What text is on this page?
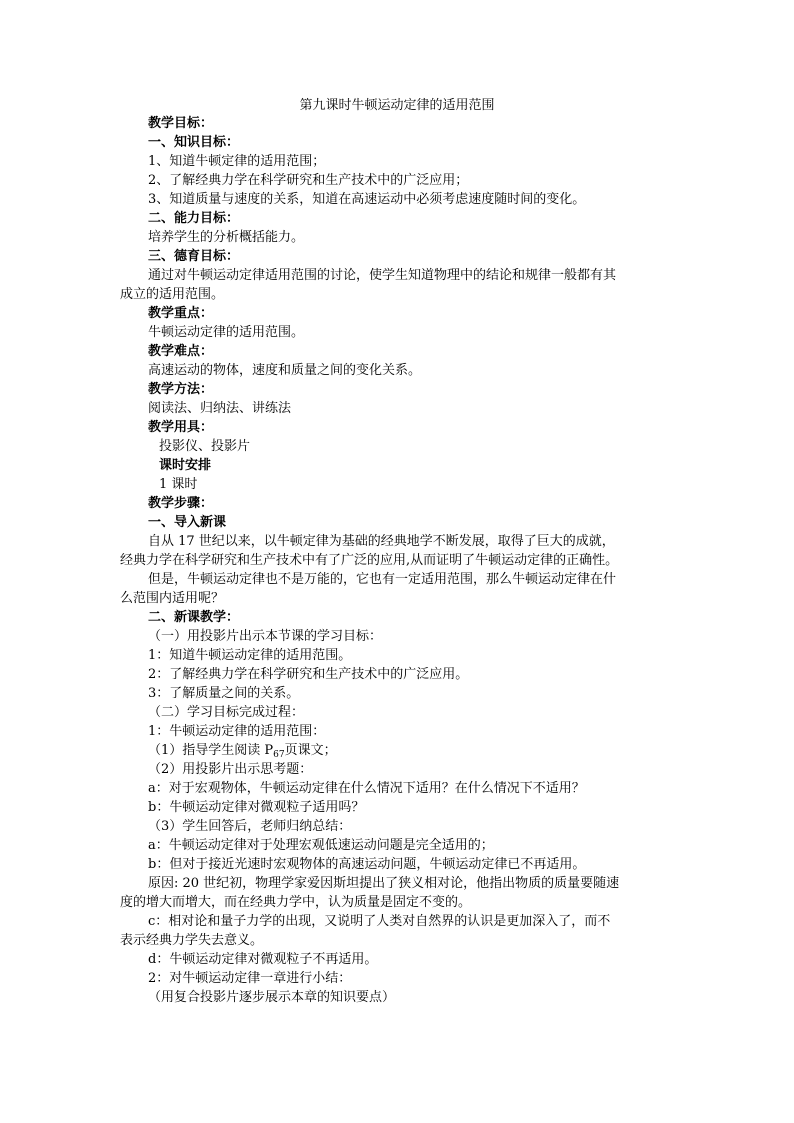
第九课时牛顿运动定律的适用范围
教学目标：
一、知识目标：
1、知道牛顿定律的适用范围；
2、了解经典力学在科学研究和生产技术中的广泛应用；
3、知道质量与速度的关系，知道在高速运动中必须考虑速度随时间的变化。
二、能力目标：
培养学生的分析概括能力。
三、德育目标：
通过对牛顿运动定律适用范围的讨论，使学生知道物理中的结论和规律一般都有其
成立的适用范围。
教学重点：
牛顿运动定律的适用范围。
教学难点：
高速运动的物体，速度和质量之间的变化关系。
教学方法：
阅读法、归纳法、讲练法
教学用具：
投影仪、投影片
课时安排
1 课时
教学步骤：
一、导入新课
自从 17 世纪以来，以牛顿定律为基础的经典地学不断发展，取得了巨大的成就，
经典力学在科学研究和生产技术中有了广泛的应用,从而证明了牛顿运动定律的正确性。
但是，牛顿运动定律也不是万能的，它也有一定适用范围，那么牛顿运动定律在什
么范围内适用呢？
二、新课教学：
（一）用投影片出示本节课的学习目标：
1：知道牛顿运动定律的适用范围。
2：了解经典力学在科学研究和生产技术中的广泛应用。
3：了解质量之间的关系。
（二）学习目标完成过程：
1：牛顿运动定律的适用范围：
（1）指导学生阅读 $P_{67}$页课文；
（2）用投影片出示思考题：
a：对于宏观物体，牛顿运动定律在什么情况下适用？在什么情况下不适用？
b：牛顿运动定律对微观粒子适用吗？
（3）学生回答后，老师归纳总结：
a：牛顿运动定律对于处理宏观低速运动问题是完全适用的；
b：但对于接近光速时宏观物体的高速运动问题，牛顿运动定律已不再适用。
原因: 20 世纪初，物理学家爱因斯坦提出了狭义相对论，他指出物质的质量要随速
度的增大而增大，而在经典力学中，认为质量是固定不变的。
c：相对论和量子力学的出现，又说明了人类对自然界的认识是更加深入了，而不
表示经典力学失去意义。
d：牛顿运动定律对微观粒子不再适用。
2：对牛顿运动定律一章进行小结：
（用复合投影片逐步展示本章的知识要点）
